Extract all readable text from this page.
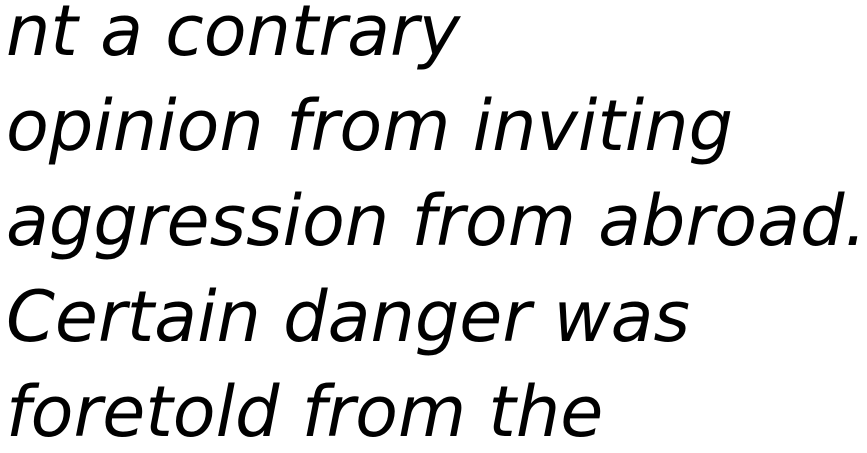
nt a contrary

opinion from inviting

aggression from abroad.

Certain danger was

foretold from the
